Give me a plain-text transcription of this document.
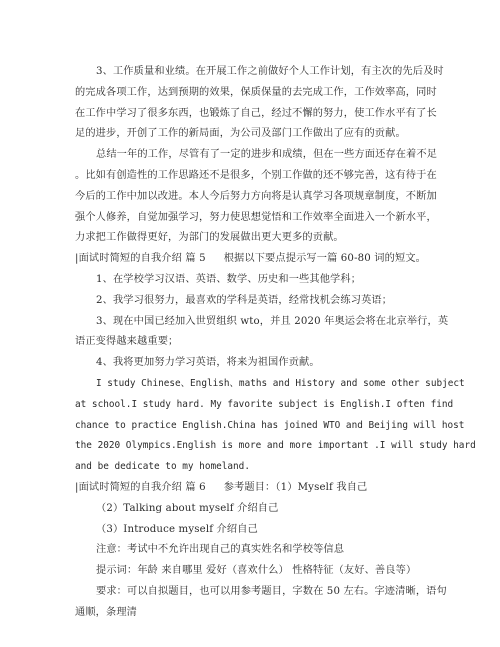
3、工作质量和业绩。在开展工作之前做好个人工作计划，有主次的先后及时
的完成各项工作，达到预期的效果，保质保量的去完成工作，工作效率高，同时
在工作中学习了很多东西，也锻炼了自己，经过不懈的努力，使工作水平有了长
足的进步，开创了工作的新局面，为公司及部门工作做出了应有的贡献。
总结一年的工作，尽管有了一定的进步和成绩，但在一些方面还存在着不足
。比如有创造性的工作思路还不是很多，个别工作做的还不够完善，这有待于在
今后的工作中加以改进。本人今后努力方向将是认真学习各项规章制度，不断加
强个人修养，自觉加强学习，努力使思想觉悟和工作效率全面进入一个新水平，
力求把工作做得更好，为部门的发展做出更大更多的贡献。
|面试时简短的自我介绍 篇 5 根据以下要点提示写一篇 60-80 词的短文。
1、在学校学习汉语、英语、数学、历史和一些其他学科；
2、我学习很努力，最喜欢的学科是英语，经常找机会练习英语；
3、现在中国已经加入世贸组织 wto，并且 2020 年奥运会将在北京举行，英
语正变得越来越重要；
4、我将更加努力学习英语，将来为祖国作贡献。
I study Chinese、English、maths and History and some other subject
at school.I study hard. My favorite subject is English.I often find
chance to practice English.China has joined WTO and Beijing will host
the 2020 Olympics.English is more and more important .I will study hard
and be dedicate to my homeland.
|面试时简短的自我介绍 篇 6 参考题目：（1）Myself 我自己
（2）Talking about myself 介绍自己
（3）Introduce myself 介绍自己
注意：考试中不允许出现自己的真实姓名和学校等信息
提示词：年龄 来自哪里 爱好（喜欢什么） 性格特征（友好、善良等）
要求：可以自拟题目，也可以用参考题目，字数在 50 左右。字迹清晰，语句
通顺，条理清
